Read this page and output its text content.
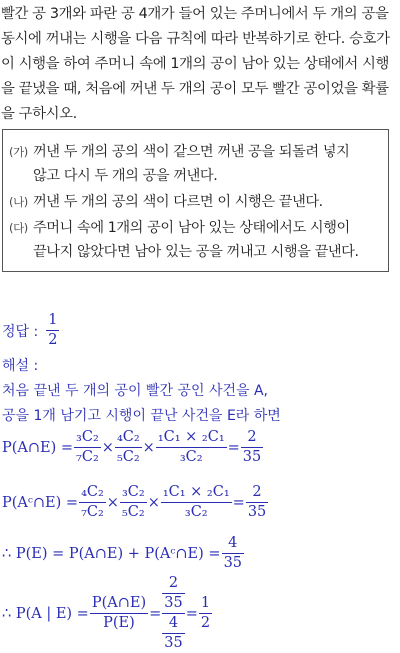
빨간 공 3개와 파란 공 4개가 들어 있는 주머니에서 두 개의 공을 동시에 꺼내는 시행을 다음 규칙에 따라 반복하기로 한다. 승호가 이 시행을 하여 주머니 속에 1개의 공이 남아 있는 상태에서 시행을 끝냈을 때, 처음에 꺼낸 두 개의 공이 모두 빨간 공이었을 확률을 구하시오.
(가) 꺼낸 두 개의 공의 색이 같으면 꺼낸 공을 되돌려 넣지
않고 다시 두 개의 공을 꺼낸다.
(나) 꺼낸 두 개의 공의 색이 다르면 이 시행은 끝낸다.
(다) 주머니 속에 1개의 공이 남아 있는 상태에서도 시행이
끝나지 않았다면 남아 있는 공을 꺼내고 시행을 끝낸다.
정답 : $\frac{1}{2}$
해설 :
처음 끝낸 두 개의 공이 빨간 공인 사건을 A,
공을 1개 남기고 시행이 끝난 사건을 E라 하면
P(A∩E) = $\frac{\text{₃C₂}}{\text{₇C₂}} \times \frac{\text{₄C₂}}{\text{₅C₂}} \times \frac{\text{₁C₁ × ₂C₁}}{\text{₃C₂}} = \frac{2}{35}$
P(Aᶜ∩E) = $\frac{\text{₄C₂}}{\text{₇C₂}} \times \frac{\text{₃C₂}}{\text{₅C₂}} \times \frac{\text{₁C₁ × ₂C₁}}{\text{₃C₂}} = \frac{2}{35}$
∴ P(E) = P(A∩E) + P(Aᶜ∩E) = $\frac{4}{35}$
∴ P(A | $E) = \frac{P(A\cap E)}{P(E)} = \frac{\frac{2}{35}}{\frac{4}{35}} = \frac{1}{2}$
